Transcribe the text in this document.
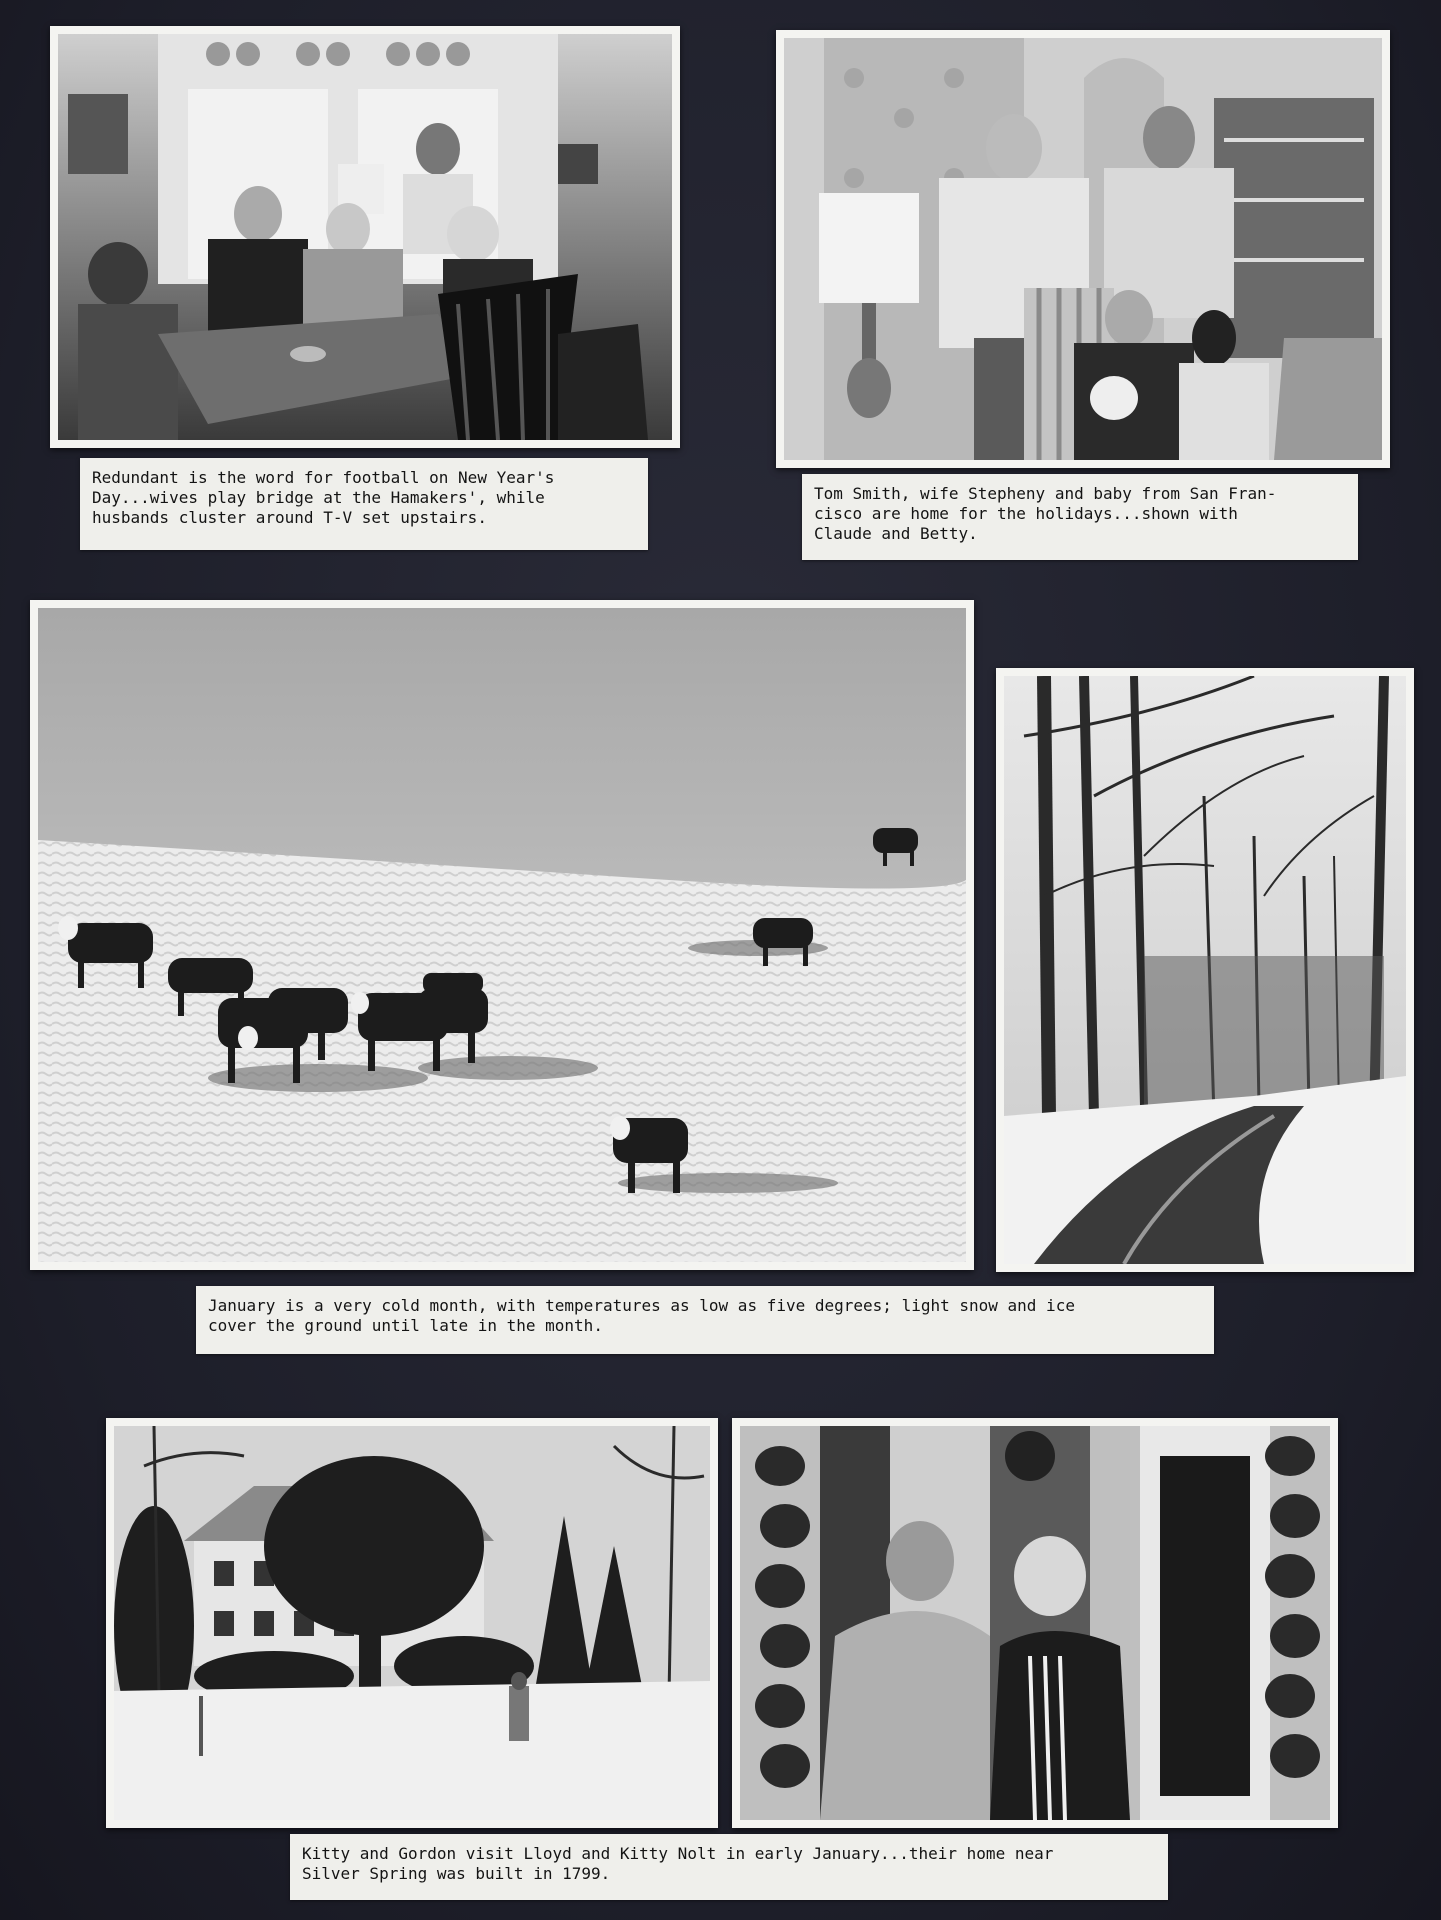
Redundant is the word for football on New Year's
Day...wives play bridge at the Hamakers', while
husbands cluster around T-V set upstairs.
Tom Smith, wife Stepheny and baby from San Fran-
cisco are home for the holidays...shown with
Claude and Betty.
January is a very cold month, with temperatures as low as five degrees; light snow and ice
cover the ground until late in the month.
Kitty and Gordon visit Lloyd and Kitty Nolt in early January...their home near
Silver Spring was built in 1799.
